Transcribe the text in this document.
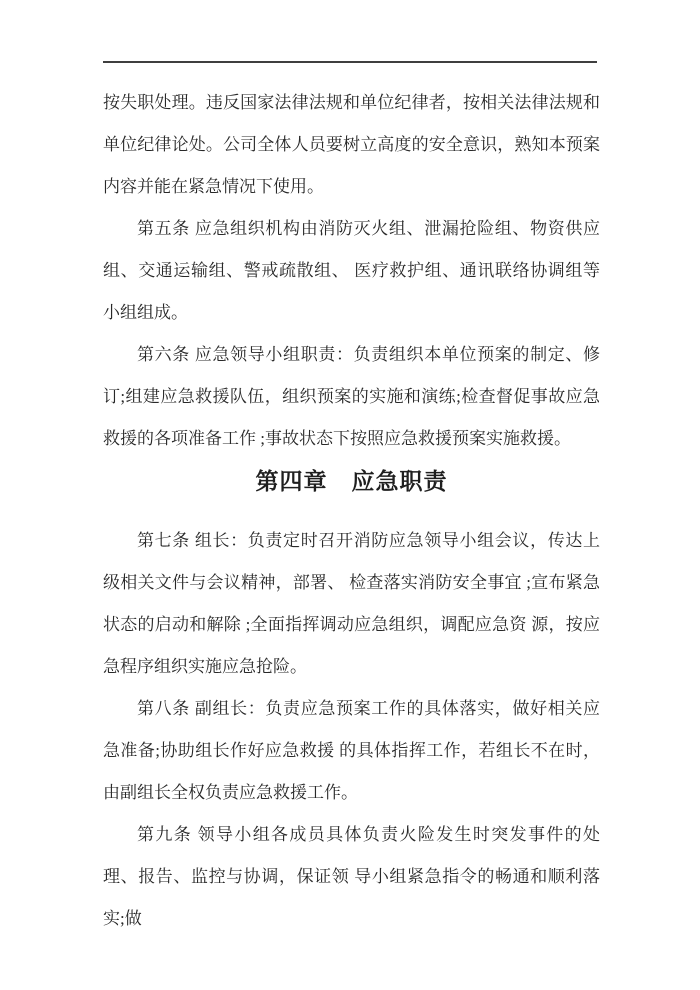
按失职处理。违反国家法律法规和单位纪律者，按相关法律法规和单位纪律论处。公司全体人员要树立高度的安全意识，熟知本预案内容并能在紧急情况下使用。

第五条 应急组织机构由消防灭火组、泄漏抢险组、物资供应组、交通运输组、警戒疏散组、 医疗救护组、通讯联络协调组等小组组成。

第六条 应急领导小组职责：负责组织本单位预案的制定、修订;组建应急救援队伍，组织预案的实施和演练;检查督促事故应急救援的各项准备工作 ;事故状态下按照应急救援预案实施救援。

第四章　应急职责

第七条 组长：负责定时召开消防应急领导小组会议，传达上级相关文件与会议精神，部署、 检查落实消防安全事宜 ;宣布紧急状态的启动和解除 ;全面指挥调动应急组织，调配应急资 源，按应急程序组织实施应急抢险。

第八条 副组长：负责应急预案工作的具体落实，做好相关应急准备;协助组长作好应急救援 的具体指挥工作，若组长不在时，由副组长全权负责应急救援工作。

第九条 领导小组各成员具体负责火险发生时突发事件的处理、报告、监控与协调，保证领 导小组紧急指令的畅通和顺利落实;做
